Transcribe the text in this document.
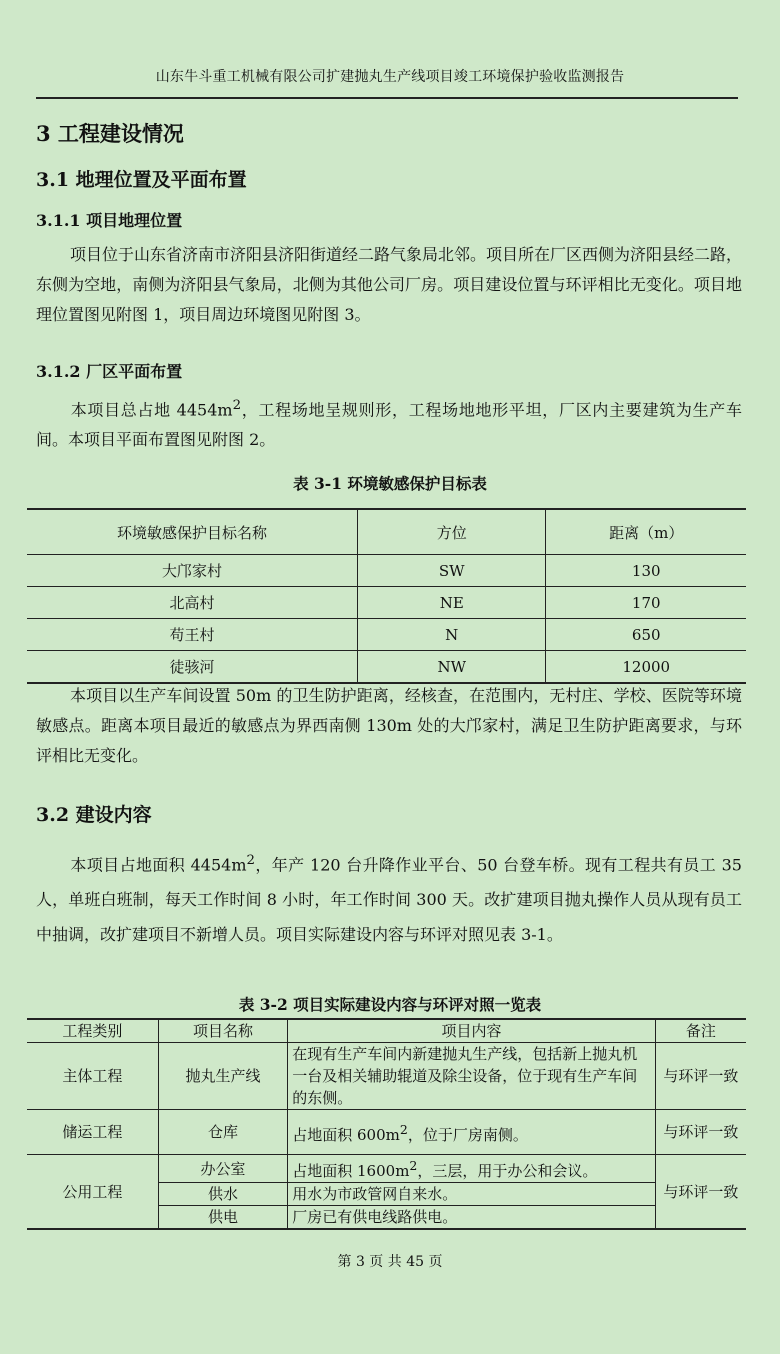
山东牛斗重工机械有限公司扩建抛丸生产线项目竣工环境保护验收监测报告
3 工程建设情况
3.1 地理位置及平面布置
3.1.1 项目地理位置
项目位于山东省济南市济阳县济阳街道经二路气象局北邻。项目所在厂区西侧为济阳县经二路，东侧为空地，南侧为济阳县气象局，北侧为其他公司厂房。项目建设位置与环评相比无变化。项目地理位置图见附图 1，项目周边环境图见附图 3。
3.1.2 厂区平面布置
本项目总占地 $4454m^2$，工程场地呈规则形，工程场地地形平坦，厂区内主要建筑为生产车间。本项目平面布置图见附图 2。
表 3-1 环境敏感保护目标表
环境敏感保护目标名称	方位	距离（m）
大邝家村	SW	130
北高村	NE	170
苟王村	N	650
徒骇河	NW	12000
本项目以生产车间设置 50m 的卫生防护距离，经核查，在范围内，无村庄、学校、医院等环境敏感点。距离本项目最近的敏感点为界西南侧 130m 处的大邝家村，满足卫生防护距离要求，与环评相比无变化。
3.2 建设内容
本项目占地面积 $4454m^2$，年产 120 台升降作业平台、50 台登车桥。现有工程共有员工 35 人，单班白班制，每天工作时间 8 小时，年工作时间 300 天。改扩建项目抛丸操作人员从现有员工中抽调，改扩建项目不新增人员。项目实际建设内容与环评对照见表 3-1。
表 3-2 项目实际建设内容与环评对照一览表
工程类别	项目名称	项目内容	备注
主体工程	抛丸生产线	在现有生产车间内新建抛丸生产线，包括新上抛丸机一台及相关辅助辊道及除尘设备，位于现有生产车间的东侧。	与环评一致
储运工程	仓库	占地面积 $600m^2$，位于厂房南侧。	与环评一致
公用工程	办公室	占地面积 $1600m^2$，三层，用于办公和会议。	与环评一致
	供水	用水为市政管网自来水。	
	供电	厂房已有供电线路供电。	
第 3 页 共 45 页
